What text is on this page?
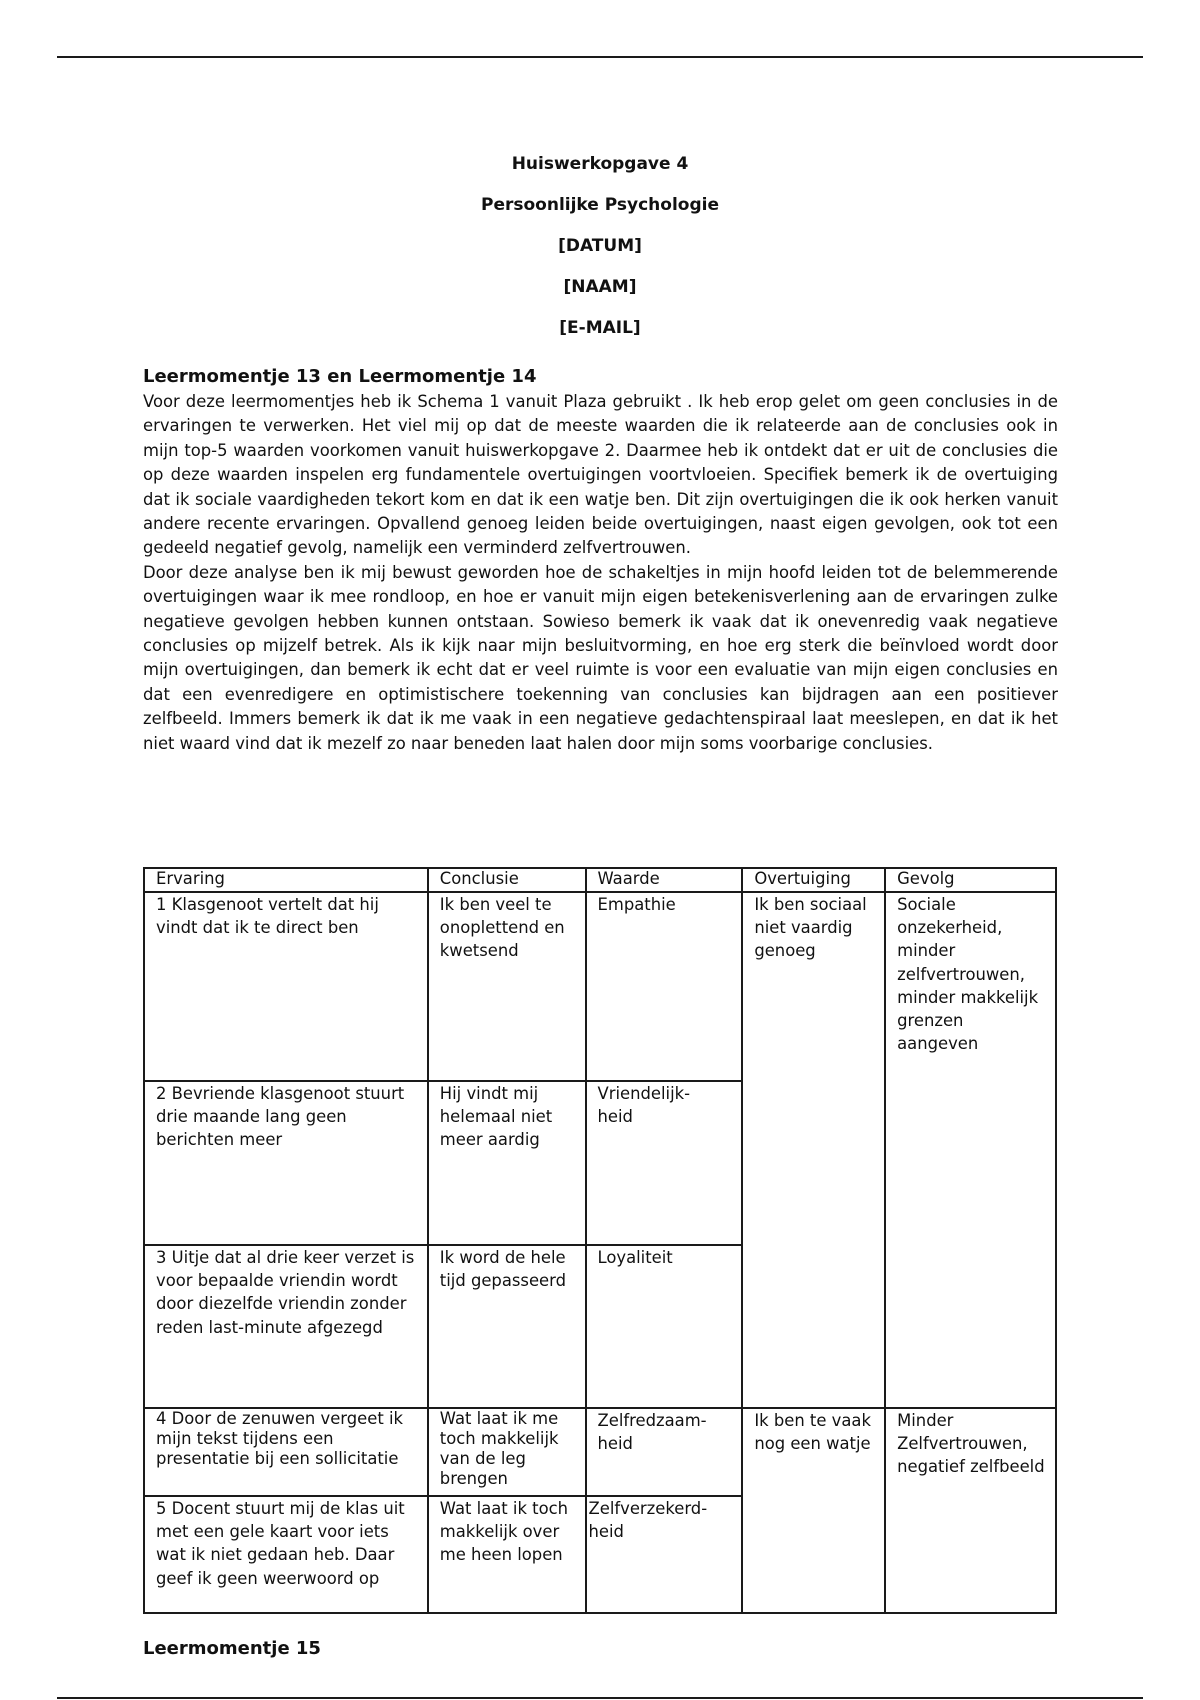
Huiswerkopgave 4
Persoonlijke Psychologie
[DATUM]
[NAAM]
[E-MAIL]
Leermomentje 13 en Leermomentje 14
Voor deze leermomentjes heb ik Schema 1 vanuit Plaza gebruikt . Ik heb erop gelet om geen conclusies in de ervaringen te verwerken. Het viel mij op dat de meeste waarden die ik relateerde aan de conclusies ook in mijn top-5 waarden voorkomen vanuit huiswerkopgave 2. Daarmee heb ik ontdekt dat er uit de conclusies die op deze waarden inspelen erg fundamentele overtuigingen voortvloeien. Specifiek bemerk ik de overtuiging dat ik sociale vaardigheden tekort kom en dat ik een watje ben. Dit zijn overtuigingen die ik ook herken vanuit andere recente ervaringen. Opvallend genoeg leiden beide overtuigingen, naast eigen gevolgen, ook tot een gedeeld negatief gevolg, namelijk een verminderd zelfvertrouwen.
Door deze analyse ben ik mij bewust geworden hoe de schakeltjes in mijn hoofd leiden tot de belemmerende overtuigingen waar ik mee rondloop, en hoe er vanuit mijn eigen betekenisverlening aan de ervaringen zulke negatieve gevolgen hebben kunnen ontstaan. Sowieso bemerk ik vaak dat ik onevenredig vaak negatieve conclusies op mijzelf betrek. Als ik kijk naar mijn besluitvorming, en hoe erg sterk die beïnvloed wordt door mijn overtuigingen, dan bemerk ik echt dat er veel ruimte is voor een evaluatie van mijn eigen conclusies en dat een evenredigere en optimistischere toekenning van conclusies kan bijdragen aan een positiever zelfbeeld. Immers bemerk ik dat ik me vaak in een negatieve gedachtenspiraal laat meeslepen, en dat ik het niet waard vind dat ik mezelf zo naar beneden laat halen door mijn soms voorbarige conclusies.
Ervaring	Conclusie	Waarde	Overtuiging	Gevolg
1 Klasgenoot vertelt dat hij vindt dat ik te direct ben	Ik ben veel te onoplettend en kwetsend	Empathie	Ik ben sociaal niet vaardig genoeg	Sociale onzekerheid, minder zelfvertrouwen, minder makkelijk grenzen aangeven
2 Bevriende klasgenoot stuurt drie maande lang geen berichten meer	Hij vindt mij helemaal niet meer aardig	Vriendelijk-
heid		
3 Uitje dat al drie keer verzet is voor bepaalde vriendin wordt door diezelfde vriendin zonder reden last-minute afgezegd	Ik word de hele tijd gepasseerd	Loyaliteit		
4 Door de zenuwen vergeet ik mijn tekst tijdens een presentatie bij een sollicitatie	Wat laat ik me toch makkelijk van de leg brengen	Zelfredzaam-
heid	Ik ben te vaak nog een watje	Minder Zelfvertrouwen, negatief zelfbeeld
5 Docent stuurt mij de klas uit met een gele kaart voor iets wat ik niet gedaan heb. Daar geef ik geen weerwoord op	Wat laat ik toch makkelijk over me heen lopen	Zelfverzekerd-
heid		
Leermomentje 15
